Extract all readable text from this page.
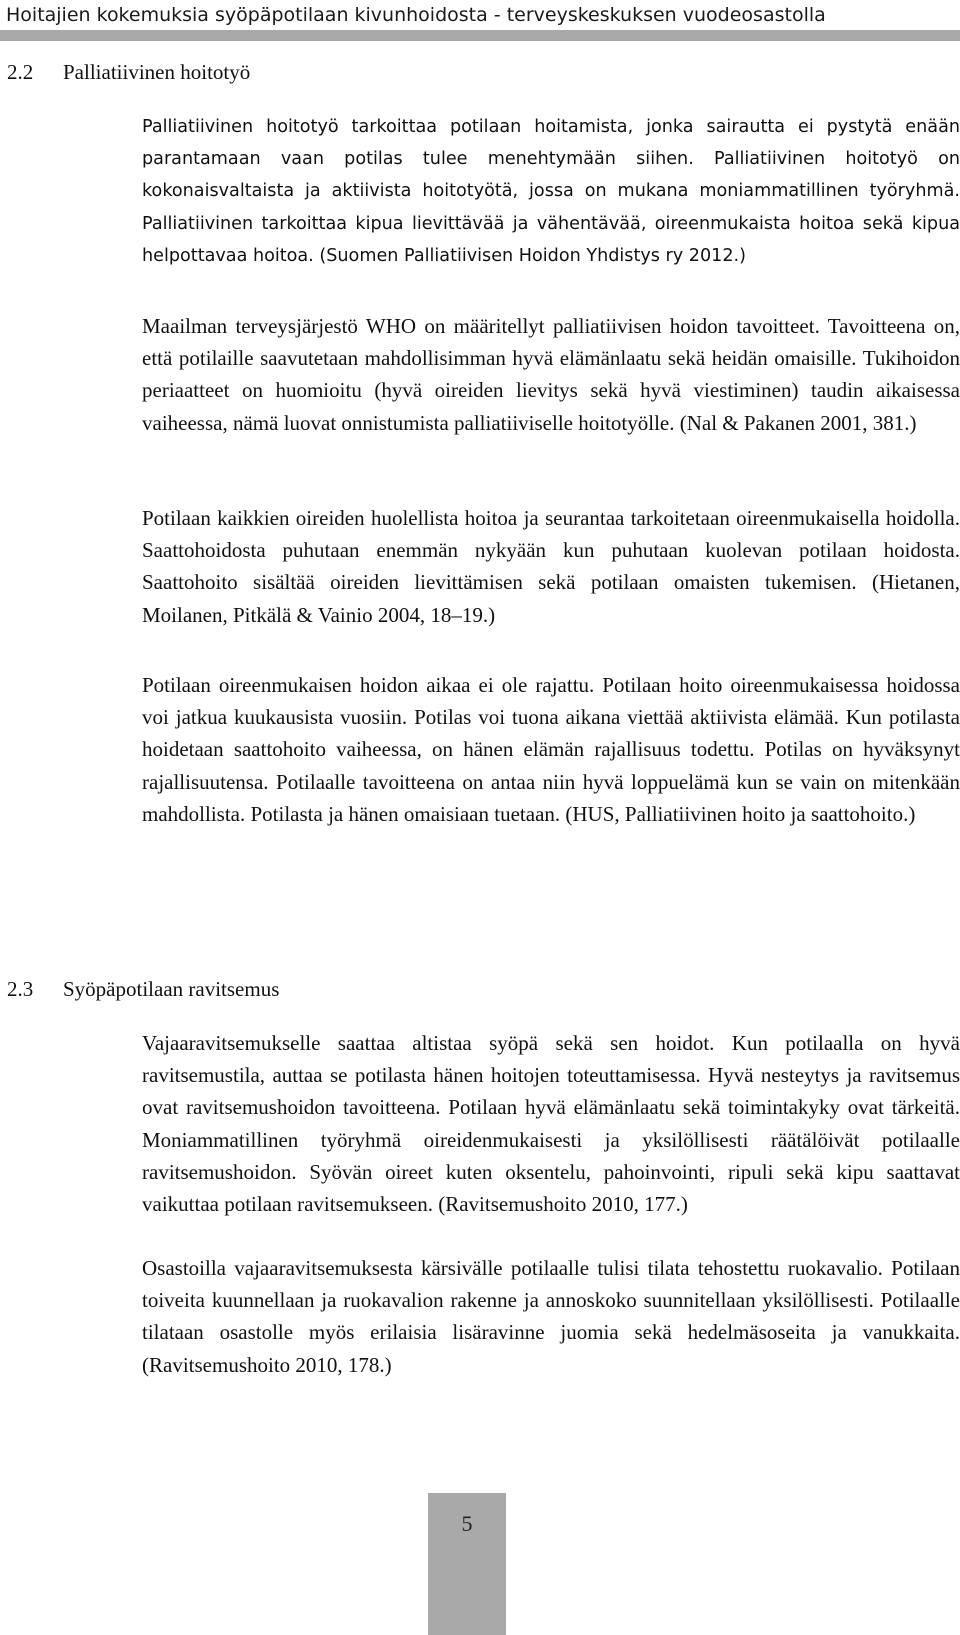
Hoitajien kokemuksia syöpäpotilaan kivunhoidosta - terveyskeskuksen vuodeosastolla
2.2 Palliatiivinen hoitotyö

Palliatiivinen hoitotyö tarkoittaa potilaan hoitamista, jonka sairautta ei pystytä enään parantamaan vaan potilas tulee menehtymään siihen. Palliatiivinen hoitotyö on kokonaisvaltaista ja aktiivista hoitotyötä, jossa on mukana moniammatillinen työryhmä. Palliatiivinen tarkoittaa kipua lievittävää ja vähentävää, oireenmukaista hoitoa sekä kipua helpottavaa hoitoa. (Suomen Palliatiivisen Hoidon Yhdistys ry 2012.)

Maailman terveysjärjestö WHO on määritellyt palliatiivisen hoidon tavoitteet. Tavoitteena on, että potilaille saavutetaan mahdollisimman hyvä elämänlaatu sekä heidän omaisille. Tukihoidon periaatteet on huomioitu (hyvä oireiden lievitys sekä hyvä viestiminen) taudin aikaisessa vaiheessa, nämä luovat onnistumista palliatiiviselle hoitotyölle. (Nal & Pakanen 2001, 381.)

Potilaan kaikkien oireiden huolellista hoitoa ja seurantaa tarkoitetaan oireenmukaisella hoidolla. Saattohoidosta puhutaan enemmän nykyään kun puhutaan kuolevan potilaan hoidosta. Saattohoito sisältää oireiden lievittämisen sekä potilaan omaisten tukemisen. (Hietanen, Moilanen, Pitkälä & Vainio 2004, 18–19.)

Potilaan oireenmukaisen hoidon aikaa ei ole rajattu. Potilaan hoito oireenmukaisessa hoidossa voi jatkua kuukausista vuosiin. Potilas voi tuona aikana viettää aktiivista elämää. Kun potilasta hoidetaan saattohoito vaiheessa, on hänen elämän rajallisuus todettu. Potilas on hyväksynyt rajallisuutensa. Potilaalle tavoitteena on antaa niin hyvä loppuelämä kun se vain on mitenkään mahdollista. Potilasta ja hänen omaisiaan tuetaan. (HUS, Palliatiivinen hoito ja saattohoito.)

2.3 Syöpäpotilaan ravitsemus

Vajaaravitsemukselle saattaa altistaa syöpä sekä sen hoidot. Kun potilaalla on hyvä ravitsemustila, auttaa se potilasta hänen hoitojen toteuttamisessa. Hyvä nesteytys ja ravitsemus ovat ravitsemushoidon tavoitteena. Potilaan hyvä elämänlaatu sekä toimintakyky ovat tärkeitä. Moniammatillinen työryhmä oireidenmukaisesti ja yksilöllisesti räätälöivät potilaalle ravitsemushoidon. Syövän oireet kuten oksentelu, pahoinvointi, ripuli sekä kipu saattavat vaikuttaa potilaan ravitsemukseen. (Ravitsemushoito 2010, 177.)

Osastoilla vajaaravitsemuksesta kärsivälle potilaalle tulisi tilata tehostettu ruokavalio. Potilaan toiveita kuunnellaan ja ruokavalion rakenne ja annoskoko suunnitellaan yksilöllisesti. Potilaalle tilataan osastolle myös erilaisia lisäravinne juomia sekä hedelmäsoseita ja vanukkaita. (Ravitsemushoito 2010, 178.)

5
